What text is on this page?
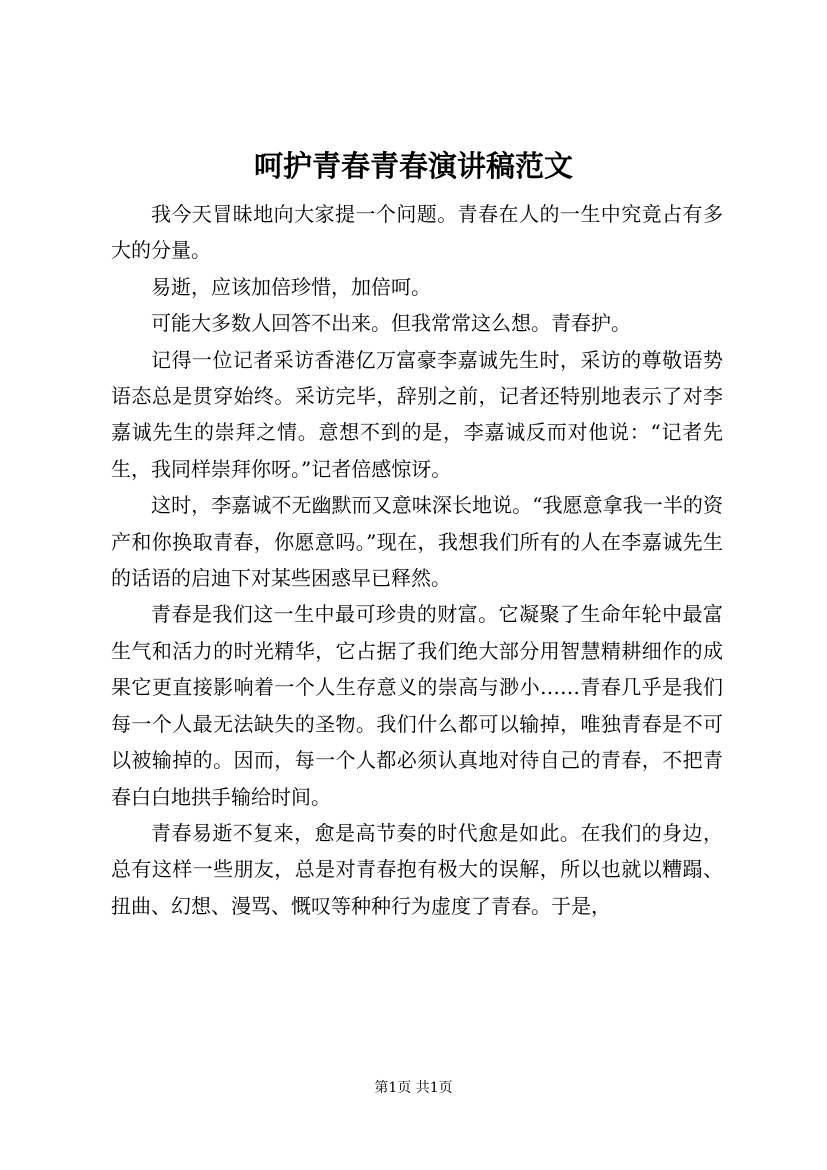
呵护青春青春演讲稿范文

我今天冒昧地向大家提一个问题。青春在人的一生中究竟占有多大的分量。

易逝，应该加倍珍惜，加倍呵。

可能大多数人回答不出来。但我常常这么想。青春护。

记得一位记者采访香港亿万富豪李嘉诚先生时，采访的尊敬语势语态总是贯穿始终。采访完毕，辞别之前，记者还特别地表示了对李嘉诚先生的崇拜之情。意想不到的是，李嘉诚反而对他说：“记者先生，我同样崇拜你呀。”记者倍感惊讶。

这时，李嘉诚不无幽默而又意味深长地说。“我愿意拿我一半的资产和你换取青春，你愿意吗。”现在，我想我们所有的人在李嘉诚先生的话语的启迪下对某些困惑早已释然。

青春是我们这一生中最可珍贵的财富。它凝聚了生命年轮中最富生气和活力的时光精华，它占据了我们绝大部分用智慧精耕细作的成果它更直接影响着一个人生存意义的崇高与渺小……青春几乎是我们每一个人最无法缺失的圣物。我们什么都可以输掉，唯独青春是不可以被输掉的。因而，每一个人都必须认真地对待自己的青春，不把青春白白地拱手输给时间。

青春易逝不复来，愈是高节奏的时代愈是如此。在我们的身边，总有这样一些朋友，总是对青春抱有极大的误解，所以也就以糟蹋、扭曲、幻想、漫骂、慨叹等种种行为虚度了青春。于是，

第1页 共1页
